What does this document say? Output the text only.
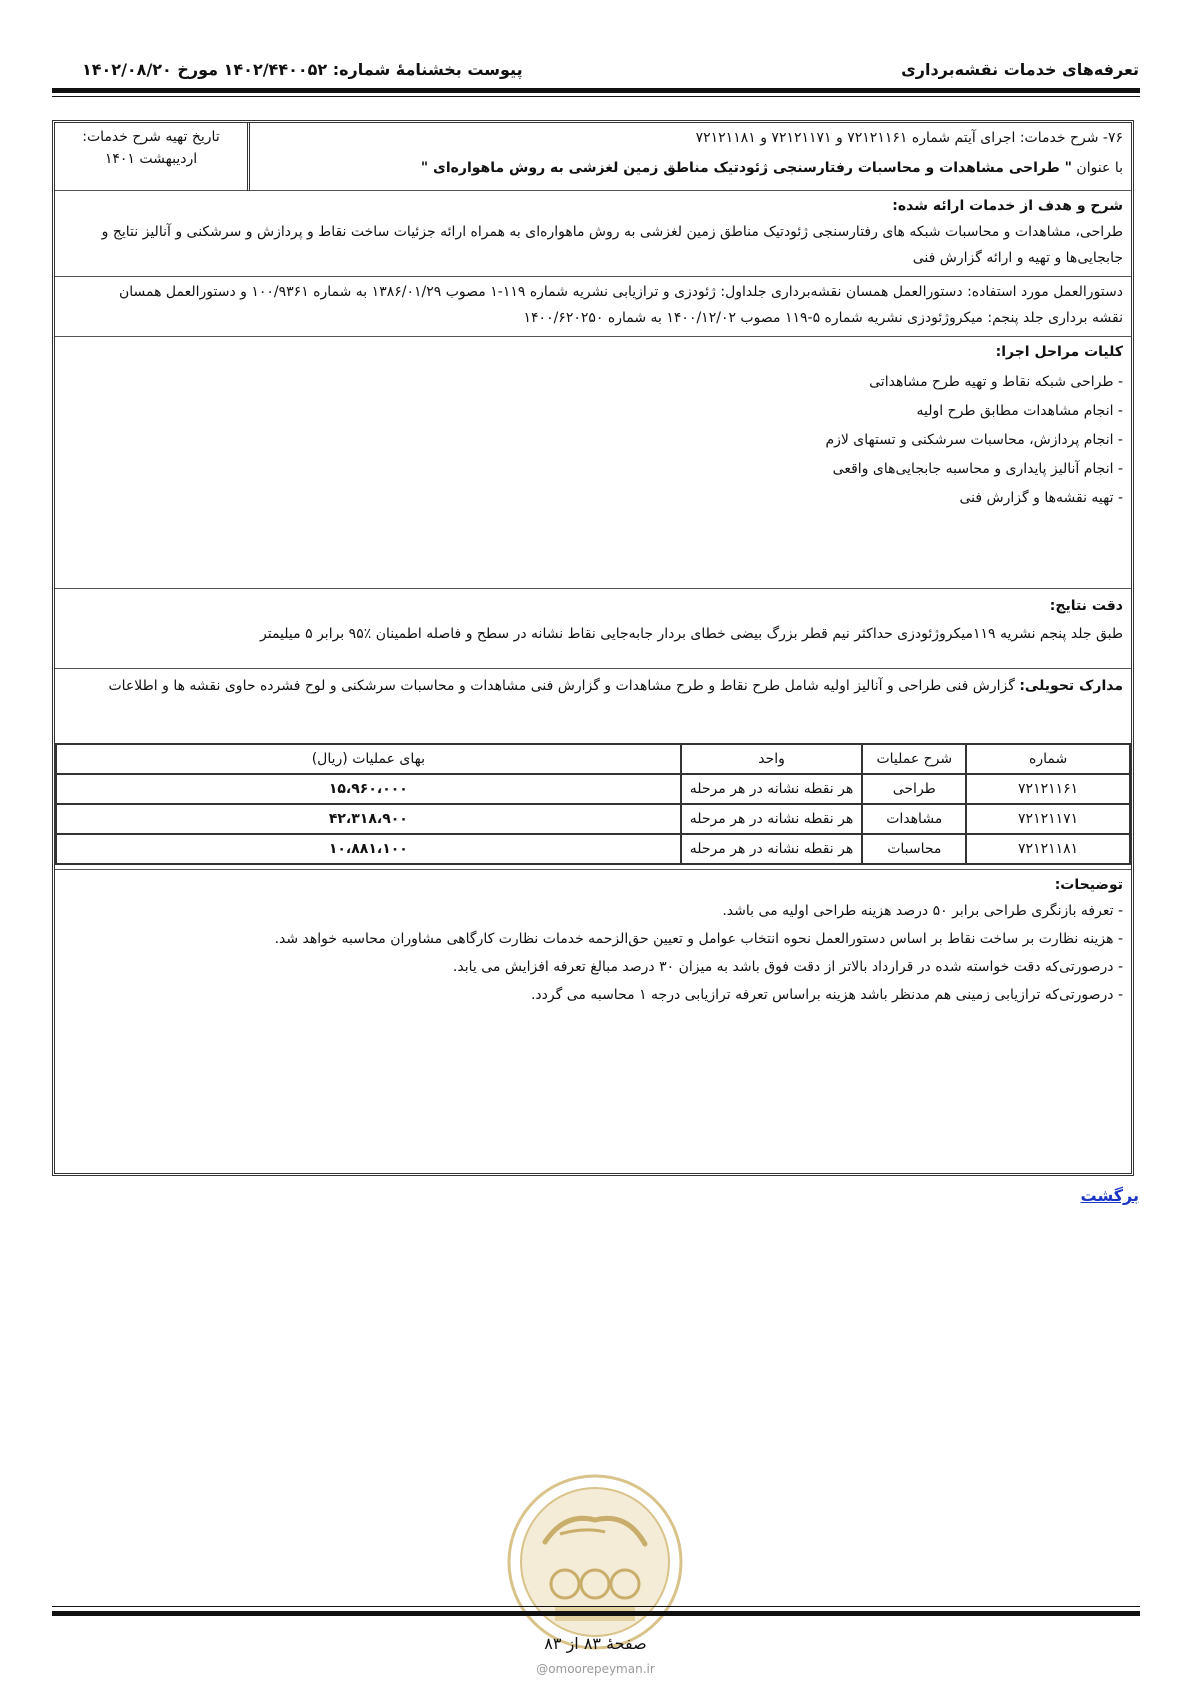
تعرفه‌های خدمات نقشه‌برداری
پیوست بخشنامهٔ شماره: ۱۴۰۲/۴۴۰۰۵۲ مورخ ۱۴۰۲/۰۸/۲۰
۷۶- شرح خدمات: اجرای آیتم شماره ۷۲۱۲۱۱۶۱ و ۷۲۱۲۱۱۷۱ و ۷۲۱۲۱۱۸۱
با عنوان " طراحی مشاهدات و محاسبات رفتارسنجی ژئودتیک مناطق زمین لغزشی به روش ماهواره‌ای "
تاریخ تهیه شرح خدمات:
اردیبهشت ۱۴۰۱
شرح و هدف از خدمات ارائه شده:
طراحی، مشاهدات و محاسبات شبکه های رفتارسنجی ژئودتیک مناطق زمین لغزشی به روش ماهواره‌ای به همراه ارائه جزئیات ساخت نقاط و پردازش و سرشکنی و آنالیز نتایج و
جابجایی‌ها و تهیه و ارائه گزارش فنی
دستورالعمل مورد استفاده: دستورالعمل همسان نقشه‌برداری جلداول: ژئودزی و ترازیابی نشریه شماره ۱۱۹-۱ مصوب ۱۳۸۶/۰۱/۲۹ به شماره ۱۰۰/۹۳۶۱ و دستورالعمل همسان
نقشه برداری جلد پنجم: میکروژئودزی نشریه شماره ۵-۱۱۹ مصوب ۱۴۰۰/۱۲/۰۲ به شماره ۱۴۰۰/۶۲۰۲۵۰
کلیات مراحل اجرا:
- طراحی شبکه نقاط و تهیه طرح مشاهداتی
- انجام مشاهدات مطابق طرح اولیه
- انجام پردازش، محاسبات سرشکنی و تستهای لازم
- انجام آنالیز پایداری و محاسبه جابجایی‌های واقعی
- تهیه نقشه‌ها و گزارش فنی
دقت نتایج:
طبق جلد پنجم نشریه ۱۱۹میکروژئودزی حداکثر نیم قطر بزرگ بیضی خطای بردار جابه‌جایی نقاط نشانه در سطح و فاصله اطمینان ٪۹۵ برابر ۵ میلیمتر
مدارک تحویلی: گزارش فنی طراحی و آنالیز اولیه شامل طرح نقاط و طرح مشاهدات و گزارش فنی مشاهدات و محاسبات سرشکنی و لوح فشرده حاوی نقشه ها و اطلاعات
شماره	شرح عملیات	واحد	بهای عملیات (ریال)
۷۲۱۲۱۱۶۱	طراحی	هر نقطه نشانه در هر مرحله	۱۵،۹۶۰،۰۰۰
۷۲۱۲۱۱۷۱	مشاهدات	هر نقطه نشانه در هر مرحله	۴۲،۳۱۸،۹۰۰
۷۲۱۲۱۱۸۱	محاسبات	هر نقطه نشانه در هر مرحله	۱۰،۸۸۱،۱۰۰
توضیحات:
- تعرفه بازنگری طراحی برابر ۵۰ درصد هزینه طراحی اولیه می باشد.
- هزینه نظارت بر ساخت نقاط بر اساس دستورالعمل نحوه انتخاب عوامل و تعیین حق‌الزحمه خدمات نظارت کارگاهی مشاوران محاسبه خواهد شد.
- درصورتی‌که دقت خواسته شده در قرارداد بالاتر از دقت فوق باشد به میزان ۳۰ درصد مبالغ تعرفه افزایش می یابد.
- درصورتی‌که ترازیابی زمینی هم مدنظر باشد هزینه براساس تعرفه ترازیابی درجه ۱ محاسبه می گردد.
برگشت
صفحهٔ ۸۳ از ۸۳
@omoorepeyman.ir
